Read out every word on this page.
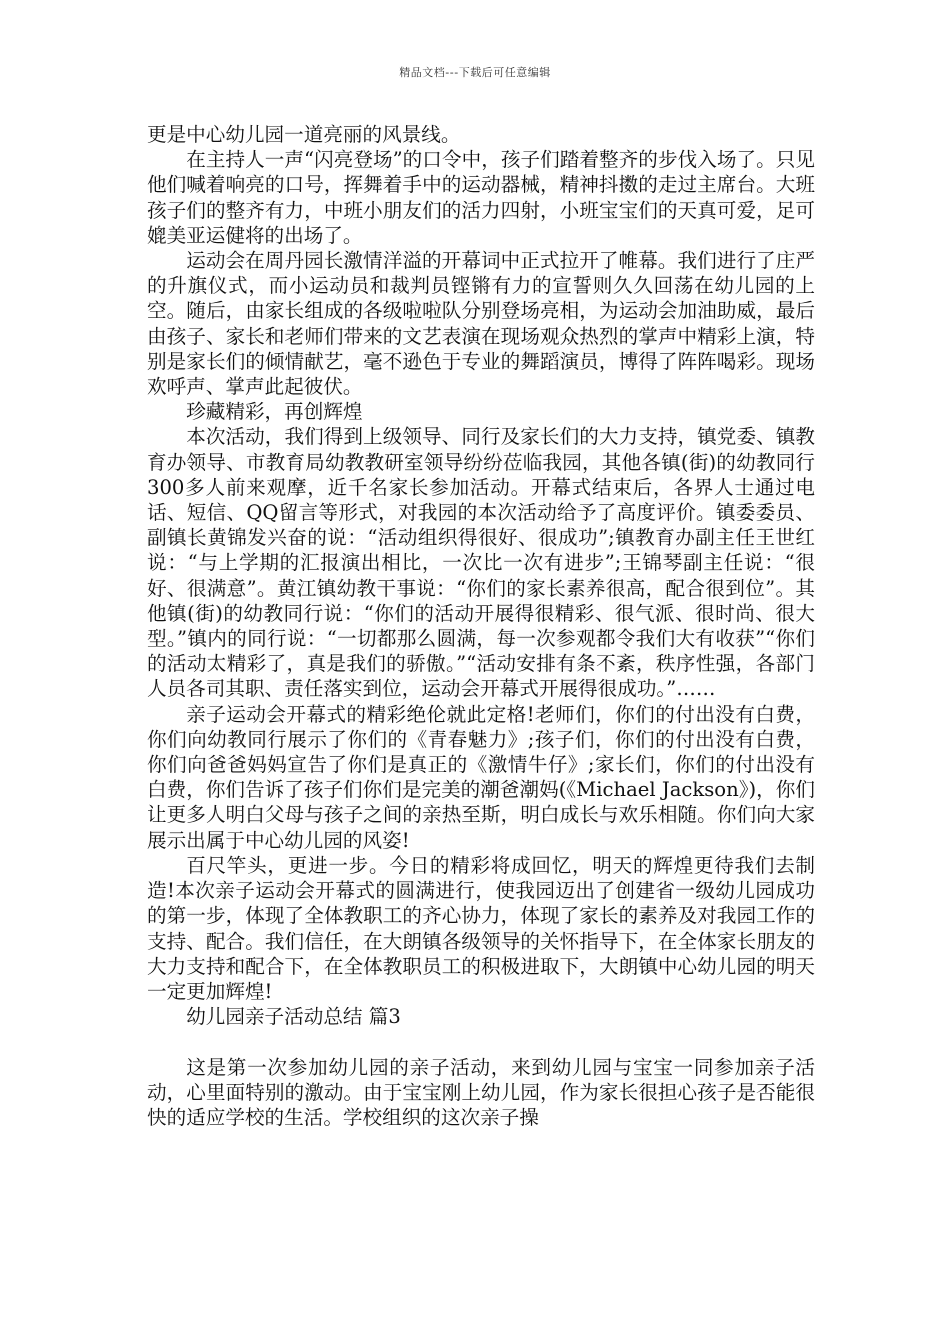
精品文档---下载后可任意编辑

更是中心幼儿园一道亮丽的风景线。

在主持人一声“闪亮登场”的口令中，孩子们踏着整齐的步伐入场了。只见他们喊着响亮的口号，挥舞着手中的运动器械，精神抖擞的走过主席台。大班孩子们的整齐有力，中班小朋友们的活力四射，小班宝宝们的天真可爱，足可媲美亚运健将的出场了。

运动会在周丹园长激情洋溢的开幕词中正式拉开了帷幕。我们进行了庄严的升旗仪式，而小运动员和裁判员铿锵有力的宣誓则久久回荡在幼儿园的上空。随后，由家长组成的各级啦啦队分别登场亮相，为运动会加油助威，最后由孩子、家长和老师们带来的文艺表演在现场观众热烈的掌声中精彩上演，特别是家长们的倾情献艺，毫不逊色于专业的舞蹈演员，博得了阵阵喝彩。现场欢呼声、掌声此起彼伏。

珍藏精彩，再创辉煌

本次活动，我们得到上级领导、同行及家长们的大力支持，镇党委、镇教育办领导、市教育局幼教教研室领导纷纷莅临我园，其他各镇(街)的幼教同行300多人前来观摩，近千名家长参加活动。开幕式结束后，各界人士通过电话、短信、QQ留言等形式，对我园的本次活动给予了高度评价。镇委委员、副镇长黄锦发兴奋的说：“活动组织得很好、很成功”;镇教育办副主任王世红说：“与上学期的汇报演出相比，一次比一次有进步”;王锦琴副主任说：“很好、很满意”。黄江镇幼教干事说：“你们的家长素养很高，配合很到位”。其他镇(街)的幼教同行说：“你们的活动开展得很精彩、很气派、很时尚、很大型。”镇内的同行说：“一切都那么圆满，每一次参观都令我们大有收获”“你们的活动太精彩了，真是我们的骄傲。”“活动安排有条不紊，秩序性强，各部门人员各司其职、责任落实到位，运动会开幕式开展得很成功。”……

亲子运动会开幕式的精彩绝伦就此定格!老师们，你们的付出没有白费，你们向幼教同行展示了你们的《青春魅力》;孩子们，你们的付出没有白费，你们向爸爸妈妈宣告了你们是真正的《激情牛仔》;家长们，你们的付出没有白费，你们告诉了孩子们你们是完美的潮爸潮妈(《Michael Jackson》)，你们让更多人明白父母与孩子之间的亲热至斯，明白成长与欢乐相随。你们向大家展示出属于中心幼儿园的风姿!

百尺竿头，更进一步。今日的精彩将成回忆，明天的辉煌更待我们去制造!本次亲子运动会开幕式的圆满进行，使我园迈出了创建省一级幼儿园成功的第一步，体现了全体教职工的齐心协力，体现了家长的素养及对我园工作的支持、配合。我们信任，在大朗镇各级领导的关怀指导下，在全体家长朋友的大力支持和配合下，在全体教职员工的积极进取下，大朗镇中心幼儿园的明天一定更加辉煌!

幼儿园亲子活动总结 篇3

这是第一次参加幼儿园的亲子活动，来到幼儿园与宝宝一同参加亲子活动，心里面特别的激动。由于宝宝刚上幼儿园，作为家长很担心孩子是否能很快的适应学校的生活。学校组织的这次亲子操
